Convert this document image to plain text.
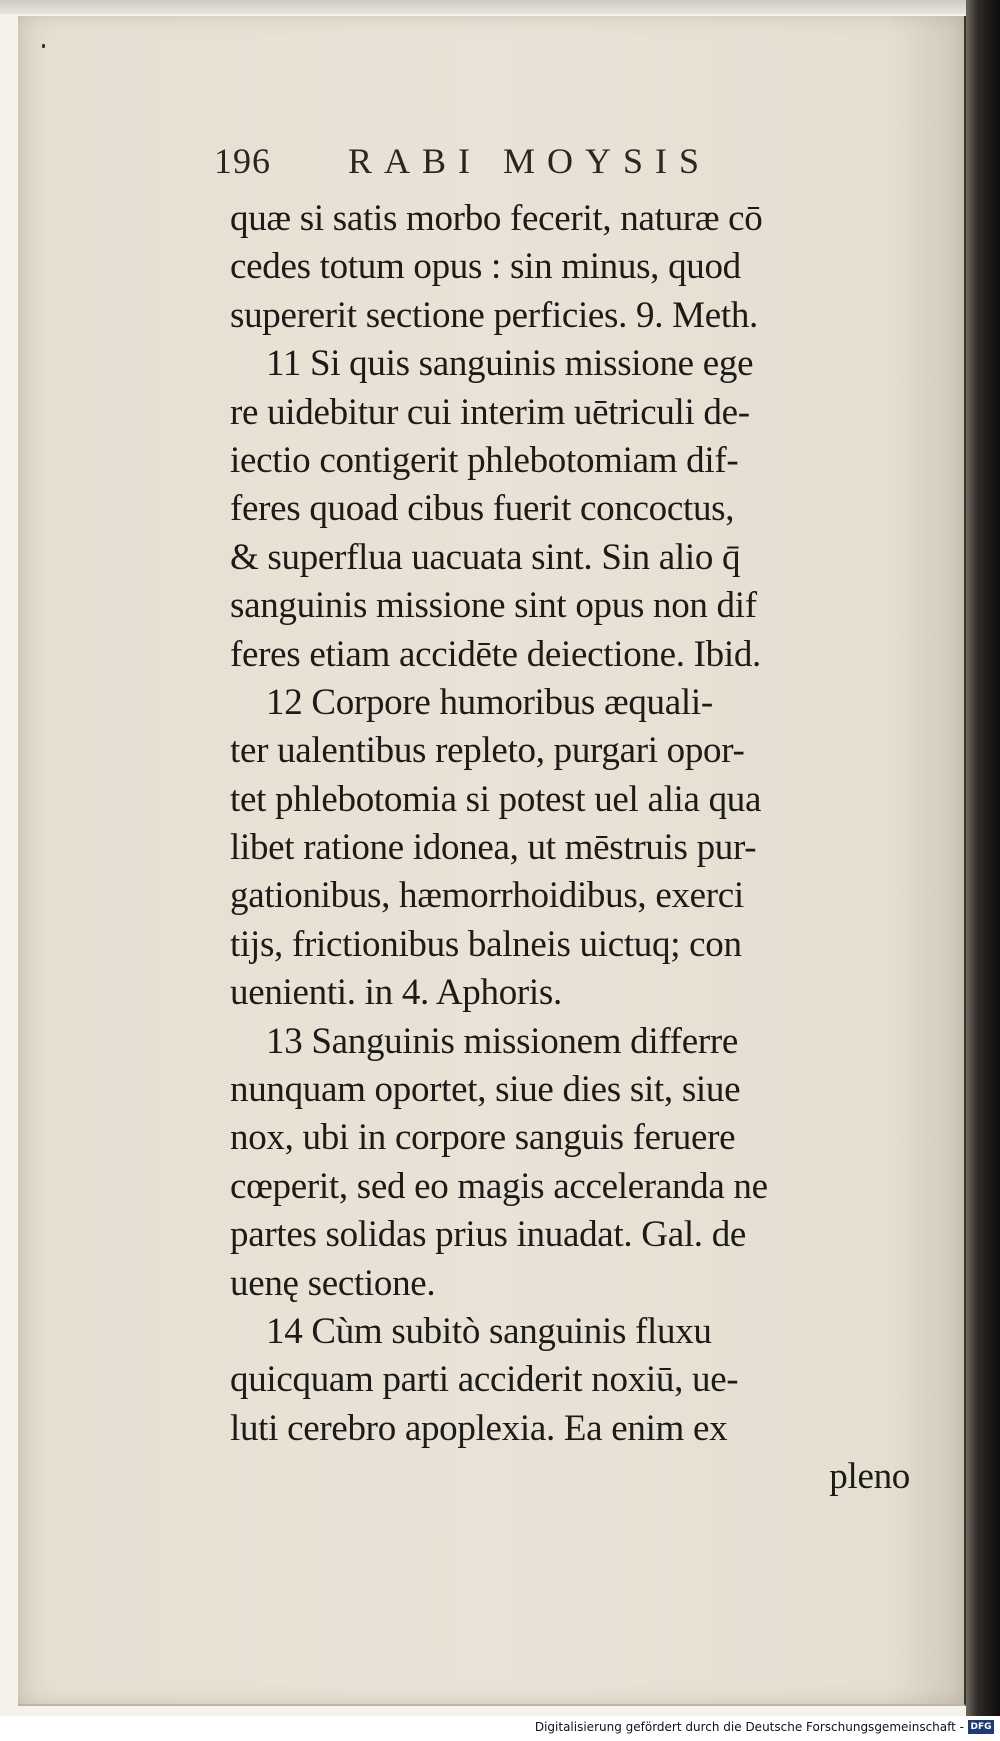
196 RABI MOYSIS
quæ si satis morbo fecerit, naturæ cō
cedes totum opus : sin minus, quod
supererit sectione perficies. 9. Meth.
11 Si quis sanguinis missione ege
re uidebitur cui interim uētriculi de-
iectio contigerit phlebotomiam dif-
feres quoad cibus fuerit concoctus,
& superflua uacuata sint. Sin alio q̄
sanguinis missione sint opus non dif
feres etiam accidēte deiectione. Ibid.
12 Corpore humoribus æquali-
ter ualentibus repleto, purgari opor-
tet phlebotomia si potest uel alia qua
libet ratione idonea, ut mēstruis pur-
gationibus, hæmorrhoidibus, exerci
tijs, frictionibus balneis uictuq; con
uenienti. in 4. Aphoris.
13 Sanguinis missionem differre
nunquam oportet, siue dies sit, siue
nox, ubi in corpore sanguis feruere
cœperit, sed eo magis acceleranda ne
partes solidas prius inuadat. Gal. de
uenę sectione.
14 Cùm subitò sanguinis fluxu
quicquam parti acciderit noxiū, ue-
luti cerebro apoplexia. Ea enim ex
pleno
Digitalisierung gefördert durch die Deutsche Forschungsgemeinschaft - DFG
